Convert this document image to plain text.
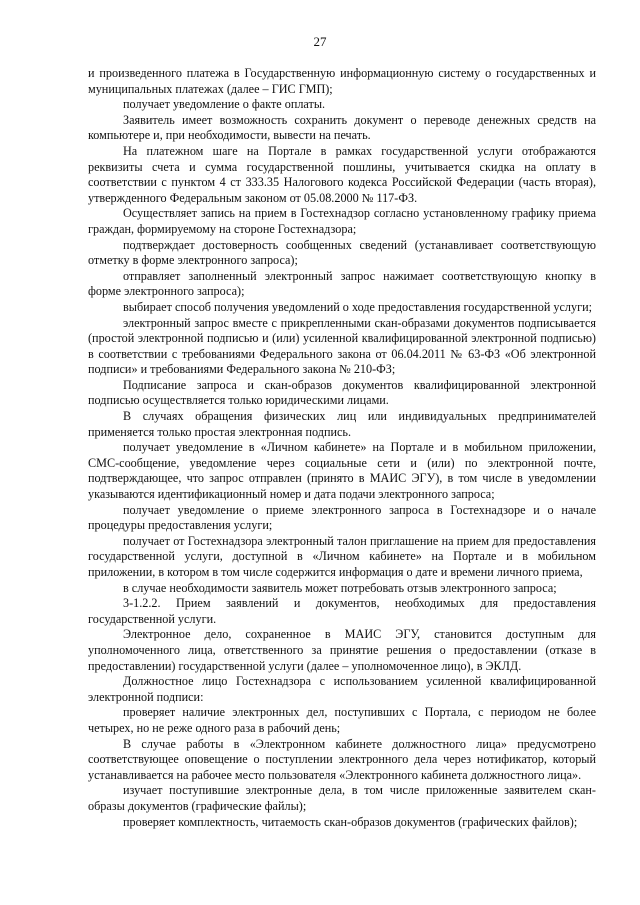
27

и произведенного платежа в Государственную информационную систему о государственных и муниципальных платежах (далее – ГИС ГМП);

получает уведомление о факте оплаты.

Заявитель имеет возможность сохранить документ о переводе денежных средств на компьютере и, при необходимости, вывести на печать.

На платежном шаге на Портале в рамках государственной услуги отображаются реквизиты счета и сумма государственной пошлины, учитывается скидка на оплату в соответствии с пунктом 4 ст 333.35 Налогового кодекса Российской Федерации (часть вторая), утвержденного Федеральным законом от 05.08.2000 № 117-ФЗ.

Осуществляет запись на прием в Гостехнадзор согласно установленному графику приема граждан, формируемому на стороне Гостехнадзора;

подтверждает достоверность сообщенных сведений (устанавливает соответствующую отметку в форме электронного запроса);

отправляет заполненный электронный запрос нажимает соответствующую кнопку в форме электронного запроса);

выбирает способ получения уведомлений о ходе предоставления государственной услуги;

электронный запрос вместе с прикрепленными скан-образами документов подписывается (простой электронной подписью и (или) усиленной квалифицированной электронной подписью) в соответствии с требованиями Федерального закона от 06.04.2011 № 63-ФЗ «Об электронной подписи» и требованиями Федерального закона № 210-ФЗ;

Подписание запроса и скан-образов документов квалифицированной электронной подписью осуществляется только юридическими лицами.

В случаях обращения физических лиц или индивидуальных предпринимателей применяется только простая электронная подпись.

получает уведомление в «Личном кабинете» на Портале и в мобильном приложении, СМС-сообщение, уведомление через социальные сети и (или) по электронной почте, подтверждающее, что запрос отправлен (принято в МАИС ЭГУ), в том числе в уведомлении указываются идентификационный номер и дата подачи электронного запроса;

получает уведомление о приеме электронного запроса в Гостехнадзоре и о начале процедуры предоставления услуги;

получает от Гостехнадзора электронный талон приглашение на прием для предоставления государственной услуги, доступной в «Личном кабинете» на Портале и в мобильном приложении, в котором в том числе содержится информация о дате и времени личного приема,

в случае необходимости заявитель может потребовать отзыв электронного запроса;

3-1.2.2. Прием заявлений и документов, необходимых для предоставления государственной услуги.

Электронное дело, сохраненное в МАИС ЭГУ, становится доступным для уполномоченного лица, ответственного за принятие решения о предоставлении (отказе в предоставлении) государственной услуги (далее – уполномоченное лицо), в ЭКЛД.

Должностное лицо Гостехнадзора с использованием усиленной квалифицированной электронной подписи:

проверяет наличие электронных дел, поступивших с Портала, с периодом не более четырех, но не реже одного раза в рабочий день;

В случае работы в «Электронном кабинете должностного лица» предусмотрено соответствующее оповещение о поступлении электронного дела через нотификатор, который устанавливается на рабочее место пользователя «Электронного кабинета должностного лица».

изучает поступившие электронные дела, в том числе приложенные заявителем скан-образы документов (графические файлы);

проверяет комплектность, читаемость скан-образов документов (графических файлов);
